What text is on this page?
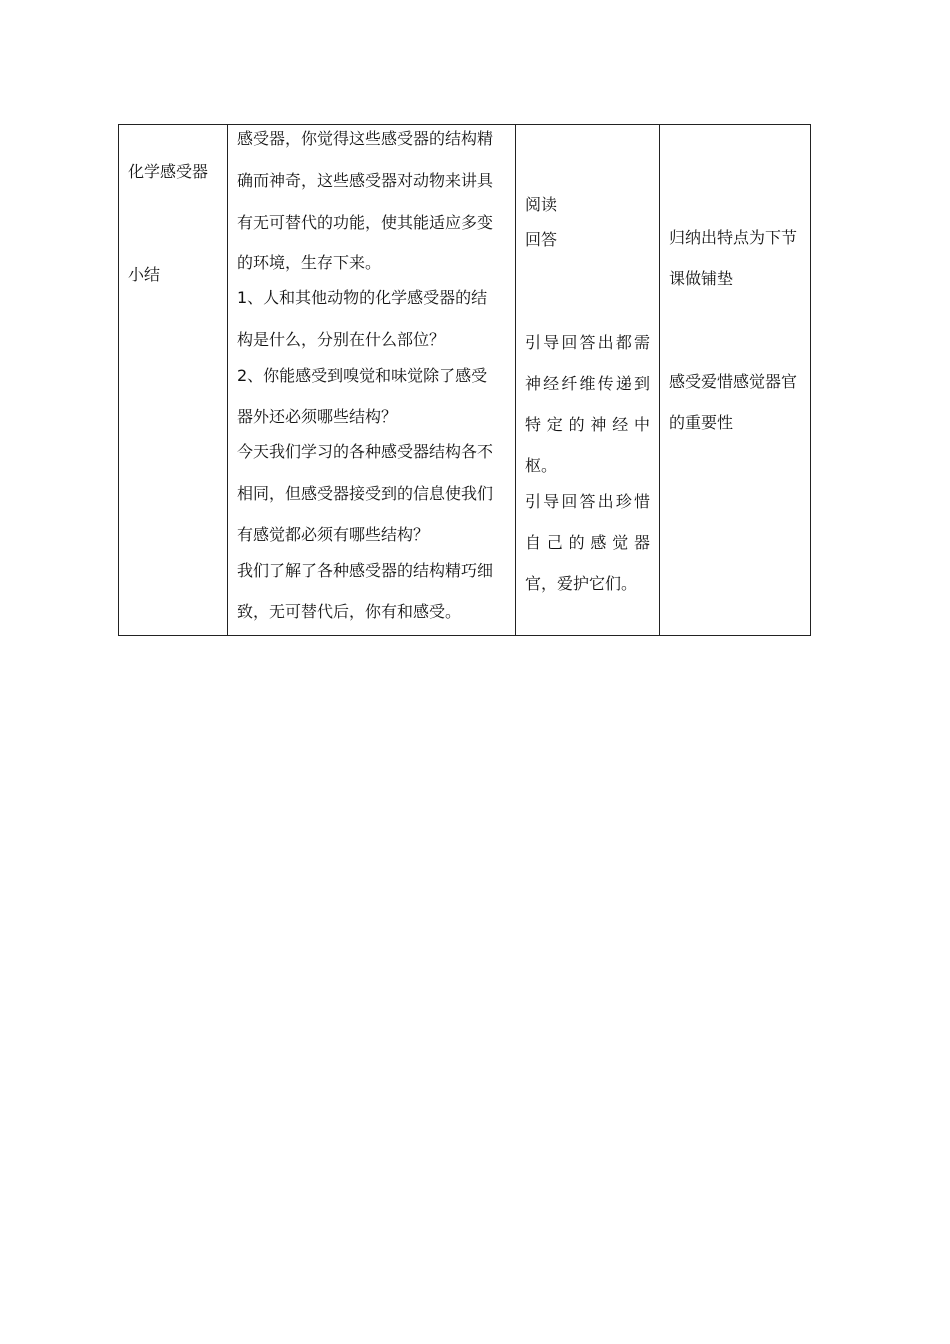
化学感受器
小结
感受器，你觉得这些感受器的结构精
确而神奇，这些感受器对动物来讲具
有无可替代的功能，使其能适应多变
的环境，生存下来。
1、人和其他动物的化学感受器的结
构是什么，分别在什么部位？
2、你能感受到嗅觉和味觉除了感受
器外还必须哪些结构？
今天我们学习的各种感受器结构各不
相同，但感受器接受到的信息使我们
有感觉都必须有哪些结构？
我们了解了各种感受器的结构精巧细
致，无可替代后，你有和感受。
阅读
回答
引导回答出都需
神经纤维传递到
特定的神经中
枢。
引导回答出珍惜
自己的感觉器
官，爱护它们。
归纳出特点为下节
课做铺垫
感受爱惜感觉器官
的重要性
